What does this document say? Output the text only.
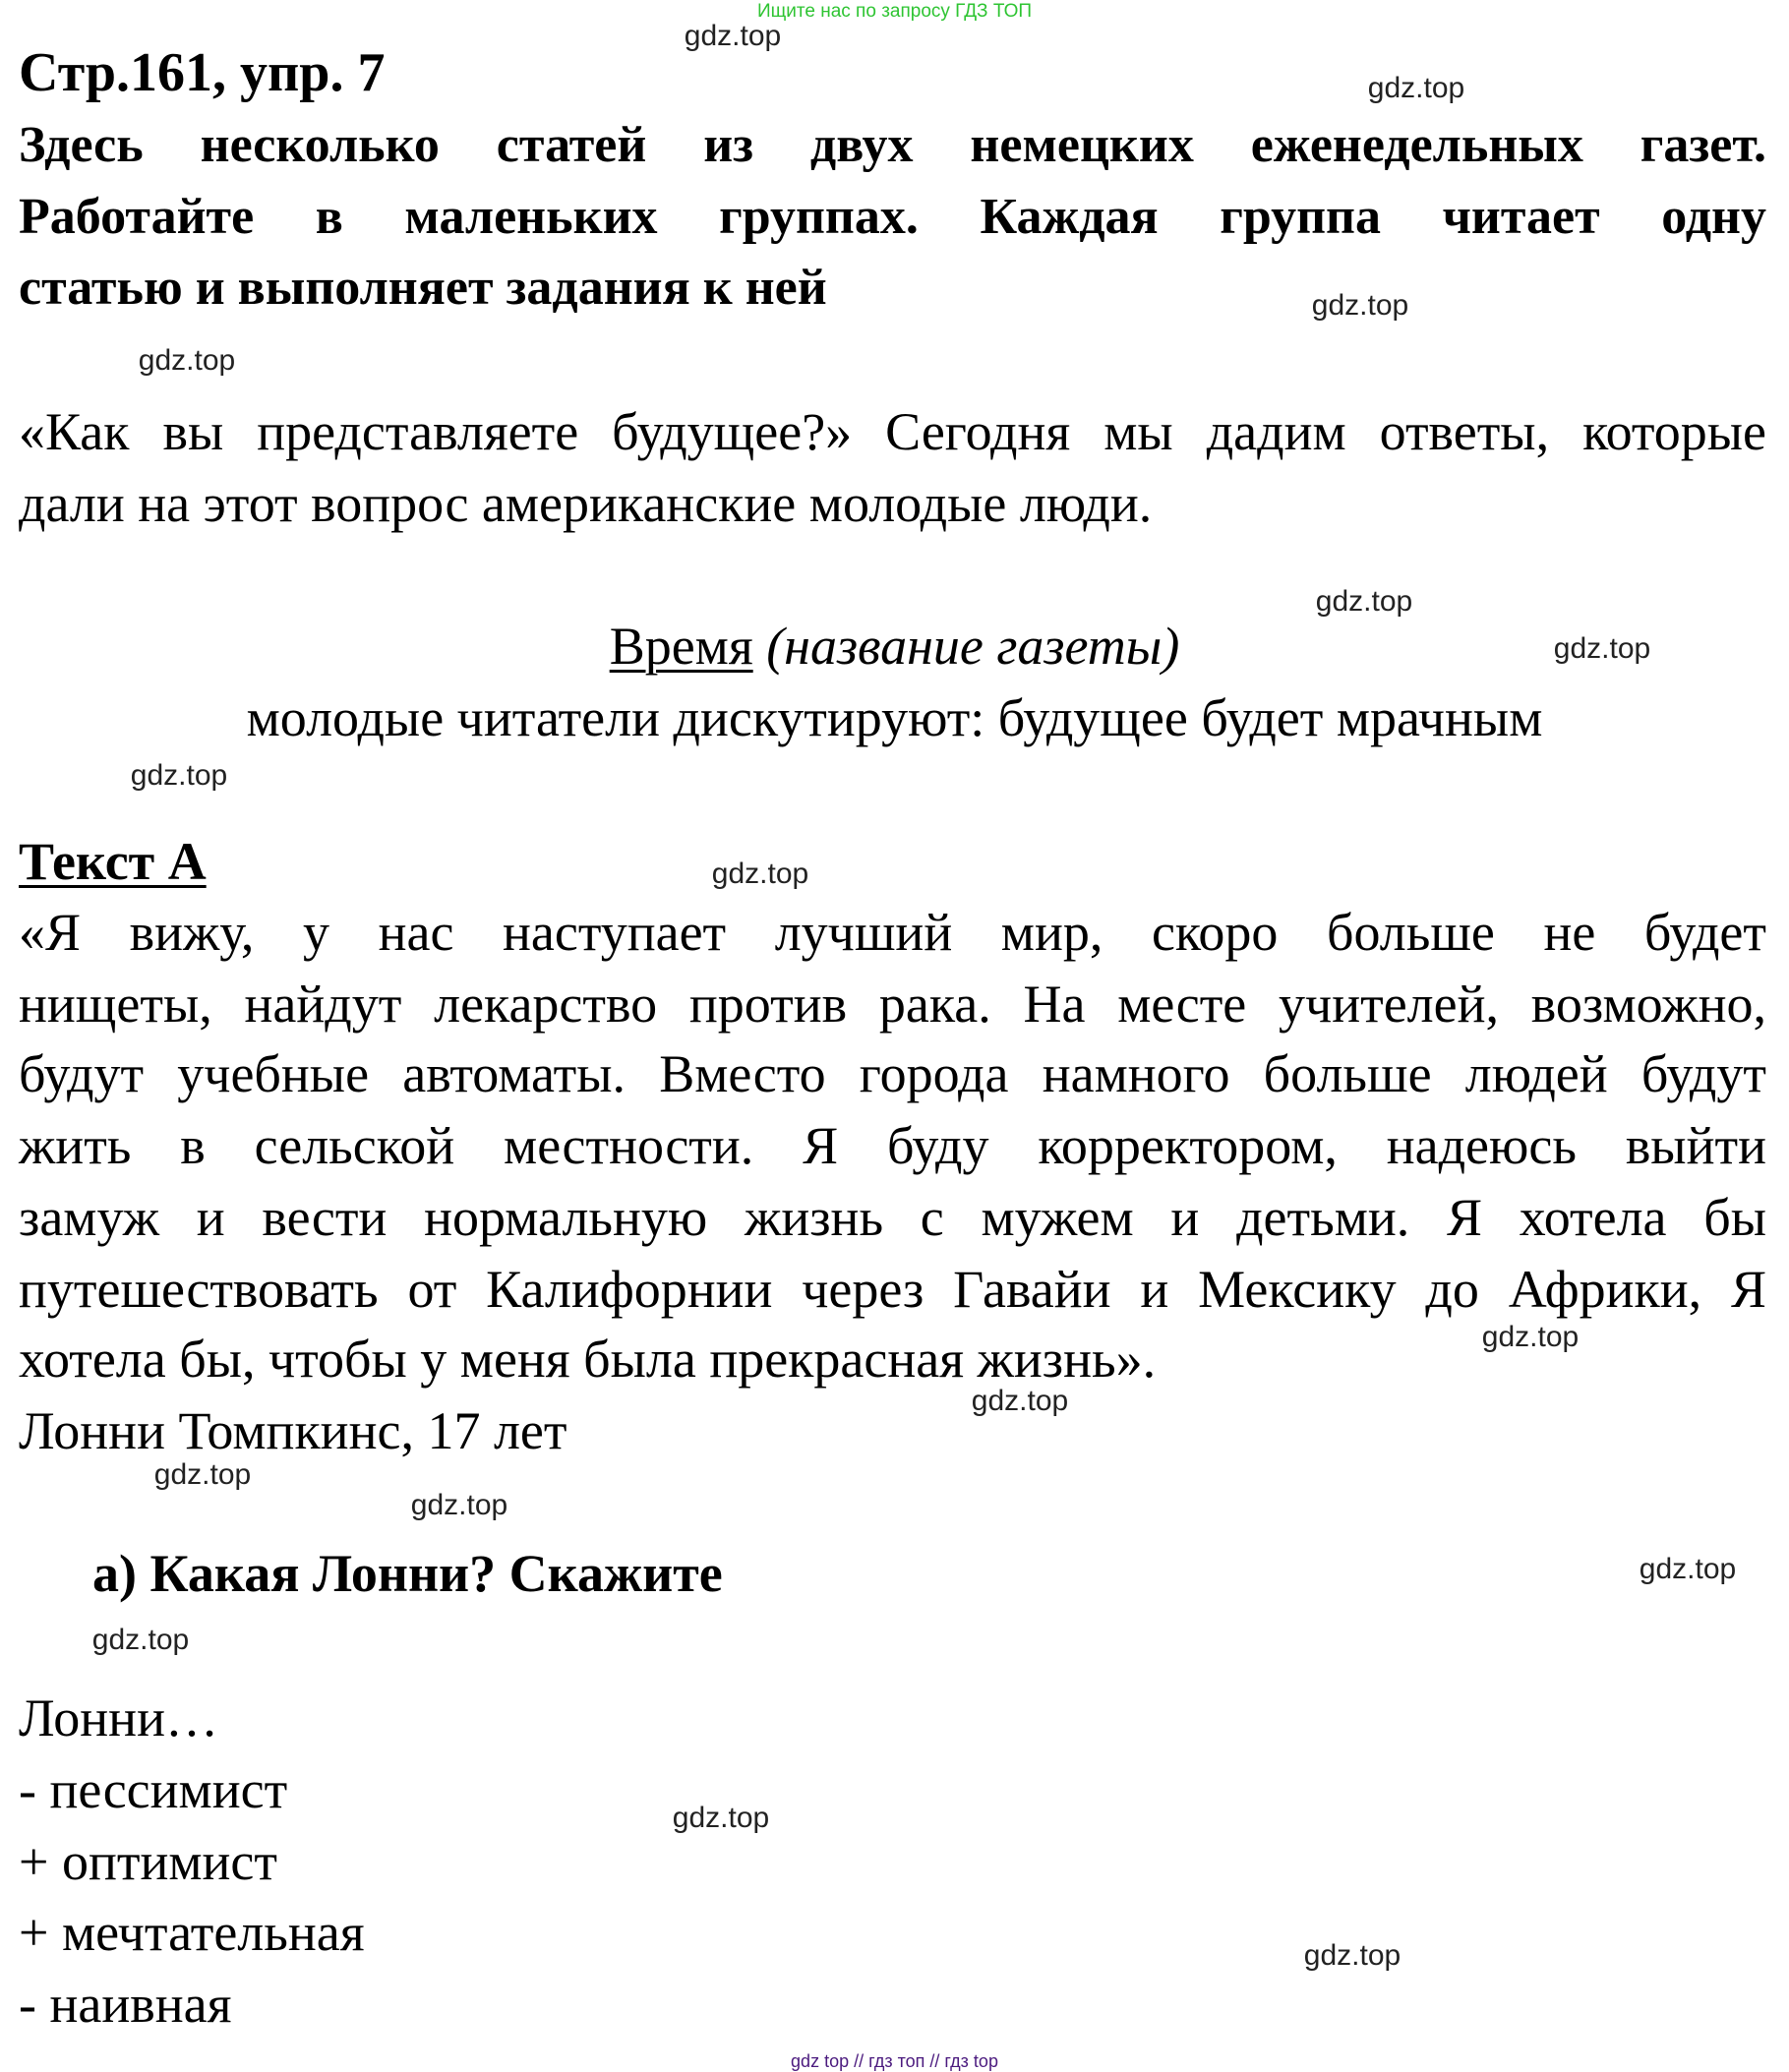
Ищите нас по запросу ГДЗ ТОП
Стр.161, упр. 7
Здесь несколько статей из двух немецких еженедельных газет.
Работайте в маленьких группах. Каждая группа читает одну
статью и выполняет задания к ней
«Как вы представляете будущее?» Сегодня мы дадим ответы, которые
дали на этот вопрос американские молодые люди.
Время (название газеты)
молодые читатели дискутируют: будущее будет мрачным
Текст А
«Я вижу, у нас наступает лучший мир, скоро больше не будет
нищеты, найдут лекарство против рака. На месте учителей, возможно,
будут учебные автоматы. Вместо города намного больше людей будут
жить в сельской местности. Я буду корректором, надеюсь выйти
замуж и вести нормальную жизнь с мужем и детьми. Я хотела бы
путешествовать от Калифорнии через Гавайи и Мексику до Африки, Я
хотела бы, чтобы у меня была прекрасная жизнь».
Лонни Томпкинс, 17 лет
а) Какая Лонни? Скажите
Лонни…
- пессимист
+ оптимист
+ мечтательная
- наивная
gdz.top
gdz.top
gdz.top
gdz.top
gdz.top
gdz.top
gdz.top
gdz.top
gdz.top
gdz.top
gdz.top
gdz.top
gdz.top
gdz.top
gdz.top
gdz.top
gdz top // гдз топ // гдз top
